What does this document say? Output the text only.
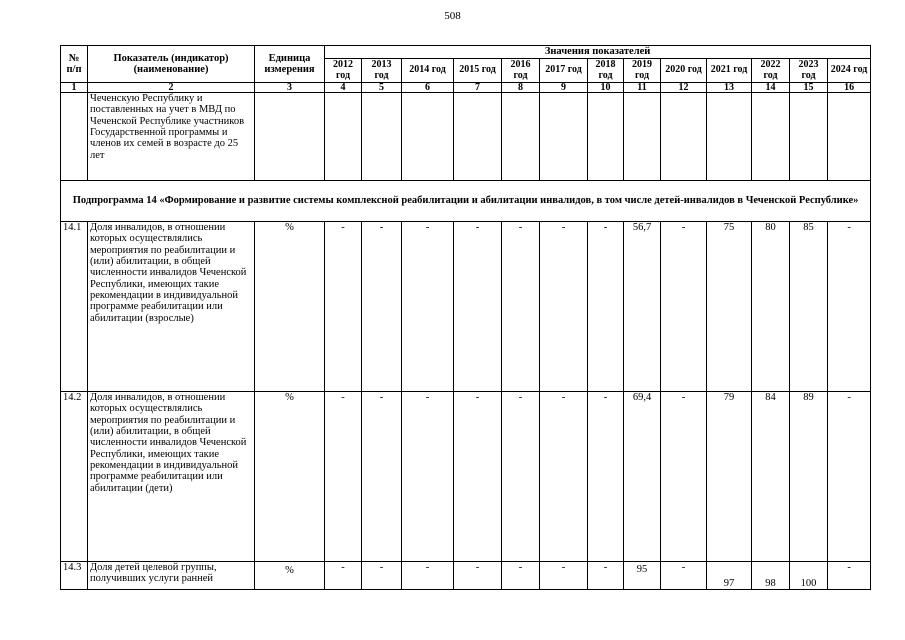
508
№ п/п	Показатель (индикатор) (наименование)	Единица измерения	Значения показателей												
			2012 год	2013 год	2014 год	2015 год	2016 год	2017 год	2018 год	2019 год	2020 год	2021 год	2022 год	2023 год	2024 год
1	2	3	4	5	6	7	8	9	10	11	12	13	14	15	16
	Чеченскую Республику и поставленных на учет в МВД по Чеченской Республике участников Государственной программы и членов их семей в возрасте до 25 лет														
Подпрограмма 14 «Формирование и развитие системы комплексной реабилитации и абилитации инвалидов, в том числе детей-инвалидов в Чеченской Республике»															
14.1	Доля инвалидов, в отношении которых осуществлялись мероприятия по реабилитации и (или) абилитации, в общей численности инвалидов Чеченской Республики, имеющих такие рекомендации в индивидуальной программе реабилитации или абилитации (взрослые)	%	-	-	-	-	-	-	-	56,7	-	75	80	85	-
14.2	Доля инвалидов, в отношении которых осуществлялись мероприятия по реабилитации и (или) абилитации, в общей численности инвалидов Чеченской Республики, имеющих такие рекомендации в индивидуальной программе реабилитации или абилитации (дети)	%	-	-	-	-	-	-	-	69,4	-	79	84	89	-
14.3	Доля детей целевой группы, получивших услуги ранней	%	-	-	-	-	-	-	-	95	-	97	98	100	-
